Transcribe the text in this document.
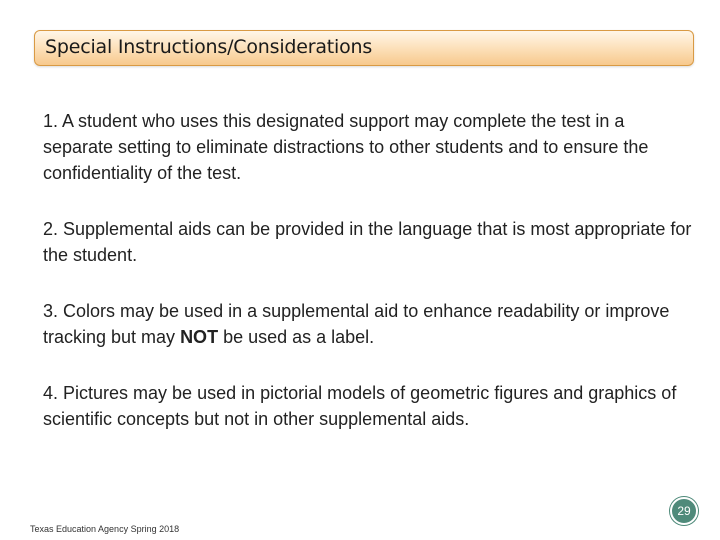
Special Instructions/Considerations

1. A student who uses this designated support may complete the test in a separate setting to eliminate distractions to other students and to ensure the confidentiality of the test.

2. Supplemental aids can be provided in the language that is most appropriate for the student.

3. Colors may be used in a supplemental aid to enhance readability or improve tracking but may NOT be used as a label.

4. Pictures may be used in pictorial models of geometric figures and graphics of scientific concepts but not in other supplemental aids.

Texas Education Agency Spring 2018
29
